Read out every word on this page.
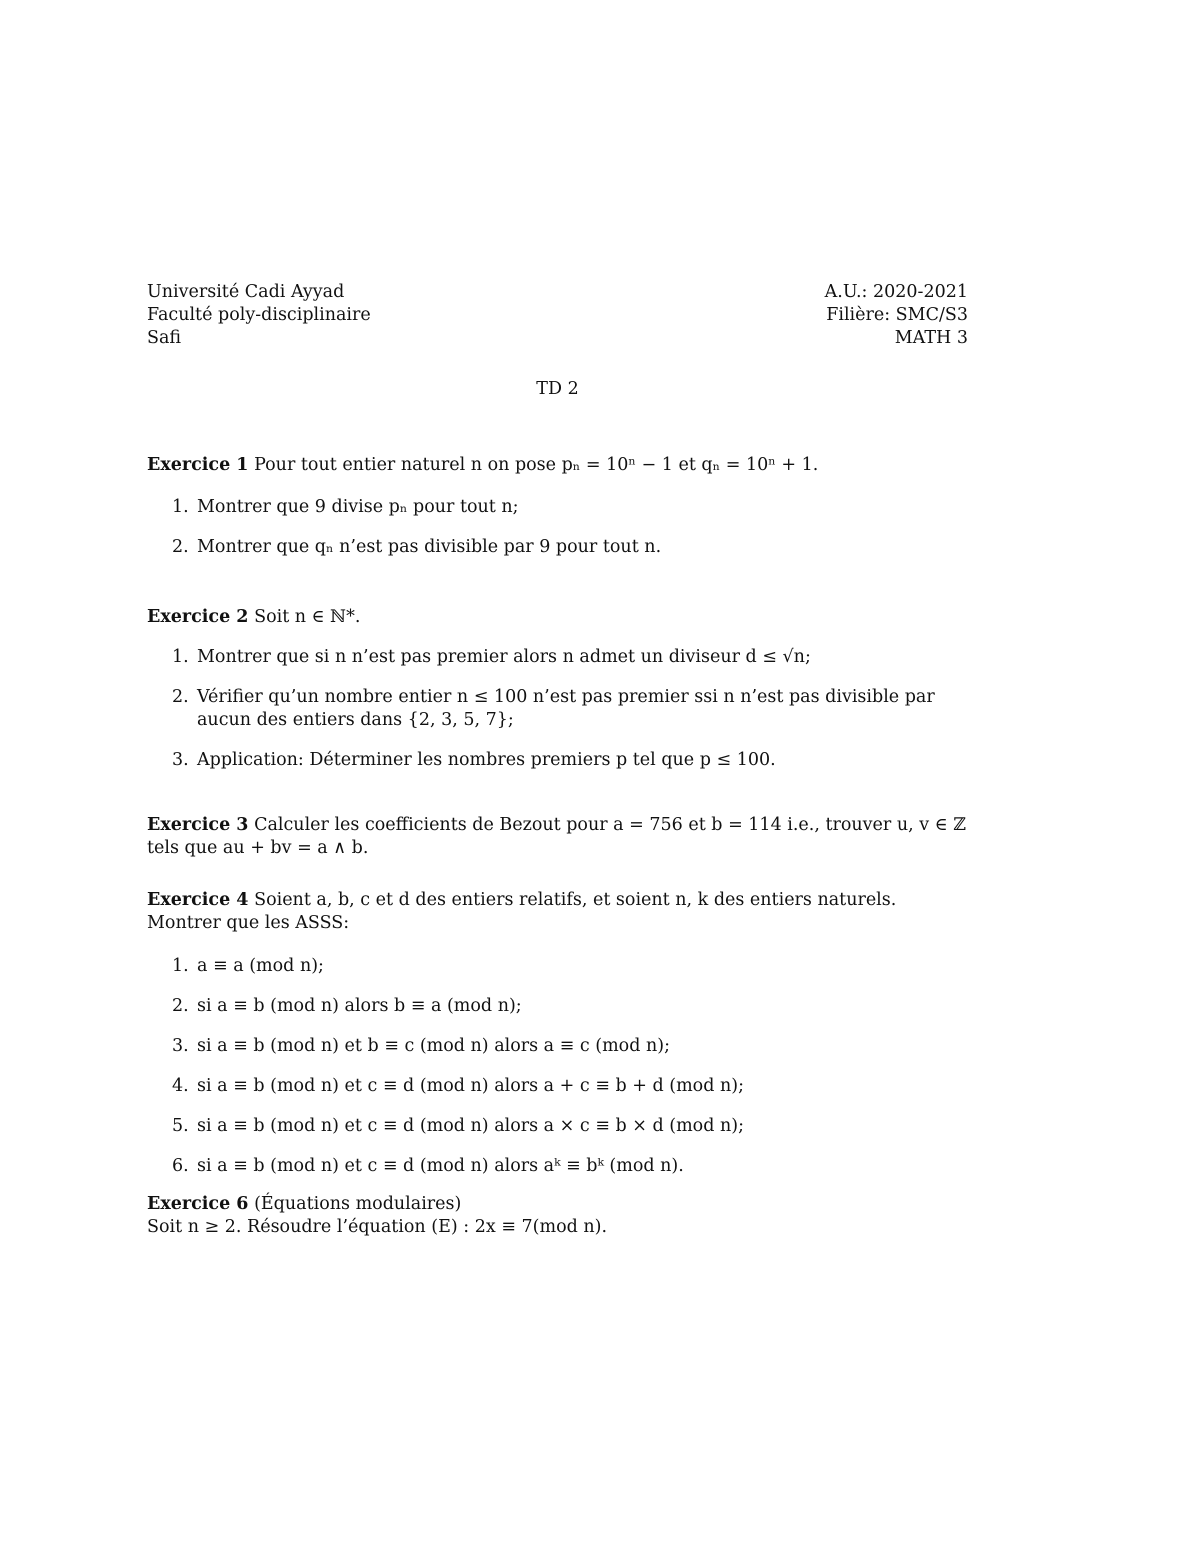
Université Cadi Ayyad
Faculté poly-disciplinaire
Safi
A.U.: 2020-2021
Filière: SMC/S3
MATH 3
TD 2
Exercice 1 Pour tout entier naturel n on pose pₙ = 10ⁿ − 1 et qₙ = 10ⁿ + 1.
1. Montrer que 9 divise pₙ pour tout n;
2. Montrer que qₙ n’est pas divisible par 9 pour tout n.
Exercice 2 Soit n ∈ ℕ*.
1. Montrer que si n n’est pas premier alors n admet un diviseur d ≤ √n;
2. Vérifier qu’un nombre entier n ≤ 100 n’est pas premier ssi n n’est pas divisible par aucun des entiers dans {2, 3, 5, 7};
3. Application: Déterminer les nombres premiers p tel que p ≤ 100.
Exercice 3 Calculer les coefficients de Bezout pour a = 756 et b = 114 i.e., trouver u, v ∈ ℤ tels que au + bv = a ∧ b.
Exercice 4 Soient a, b, c et d des entiers relatifs, et soient n, k des entiers naturels. Montrer que les ASSS:
1. a ≡ a (mod n);
2. si a ≡ b (mod n) alors b ≡ a (mod n);
3. si a ≡ b (mod n) et b ≡ c (mod n) alors a ≡ c (mod n);
4. si a ≡ b (mod n) et c ≡ d (mod n) alors a + c ≡ b + d (mod n);
5. si a ≡ b (mod n) et c ≡ d (mod n) alors a × c ≡ b × d (mod n);
6. si a ≡ b (mod n) et c ≡ d (mod n) alors aᵏ ≡ bᵏ (mod n).
Exercice 6 (Équations modulaires)
Soit n ≥ 2. Résoudre l’équation (E) : 2x ≡ 7(mod n).
